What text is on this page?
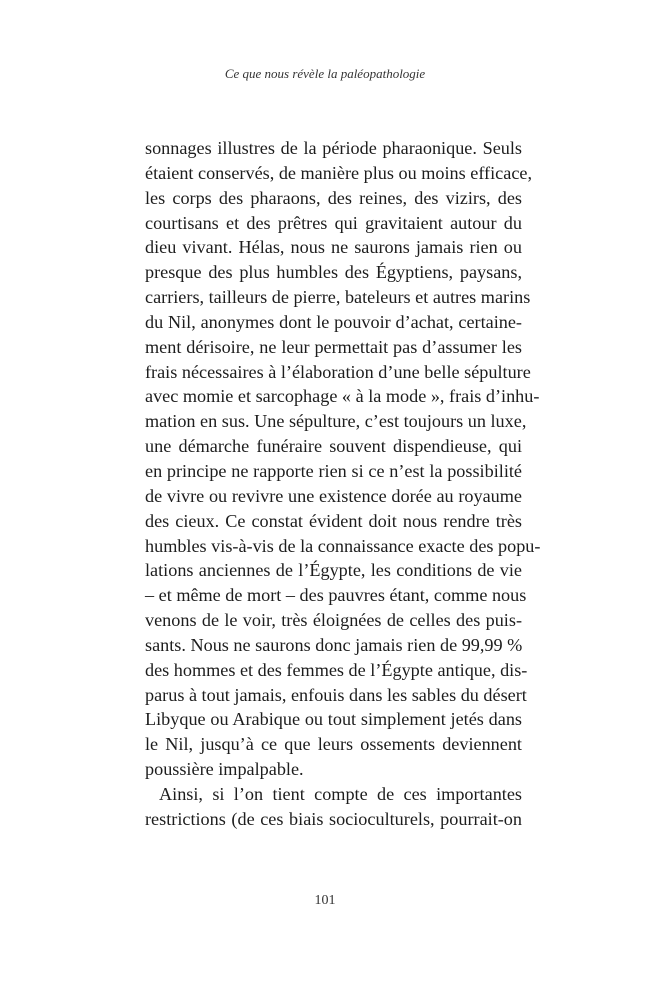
Ce que nous révèle la paléopathologie
sonnages illustres de la période pharaonique. Seuls
étaient conservés, de manière plus ou moins efficace,
les corps des pharaons, des reines, des vizirs, des
courtisans et des prêtres qui gravitaient autour du
dieu vivant. Hélas, nous ne saurons jamais rien ou
presque des plus humbles des Égyptiens, paysans,
carriers, tailleurs de pierre, bateleurs et autres marins
du Nil, anonymes dont le pouvoir d’achat, certaine-
ment dérisoire, ne leur permettait pas d’assumer les
frais nécessaires à l’élaboration d’une belle sépulture
avec momie et sarcophage « à la mode », frais d’inhu-
mation en sus. Une sépulture, c’est toujours un luxe,
une démarche funéraire souvent dispendieuse, qui
en principe ne rapporte rien si ce n’est la possibilité
de vivre ou revivre une existence dorée au royaume
des cieux. Ce constat évident doit nous rendre très
humbles vis-à-vis de la connaissance exacte des popu-
lations anciennes de l’Égypte, les conditions de vie
– et même de mort – des pauvres étant, comme nous
venons de le voir, très éloignées de celles des puis-
sants. Nous ne saurons donc jamais rien de 99,99 %
des hommes et des femmes de l’Égypte antique, dis-
parus à tout jamais, enfouis dans les sables du désert
Libyque ou Arabique ou tout simplement jetés dans
le Nil, jusqu’à ce que leurs ossements deviennent
poussière impalpable.
Ainsi, si l’on tient compte de ces importantes
restrictions (de ces biais socioculturels, pourrait-on
101
